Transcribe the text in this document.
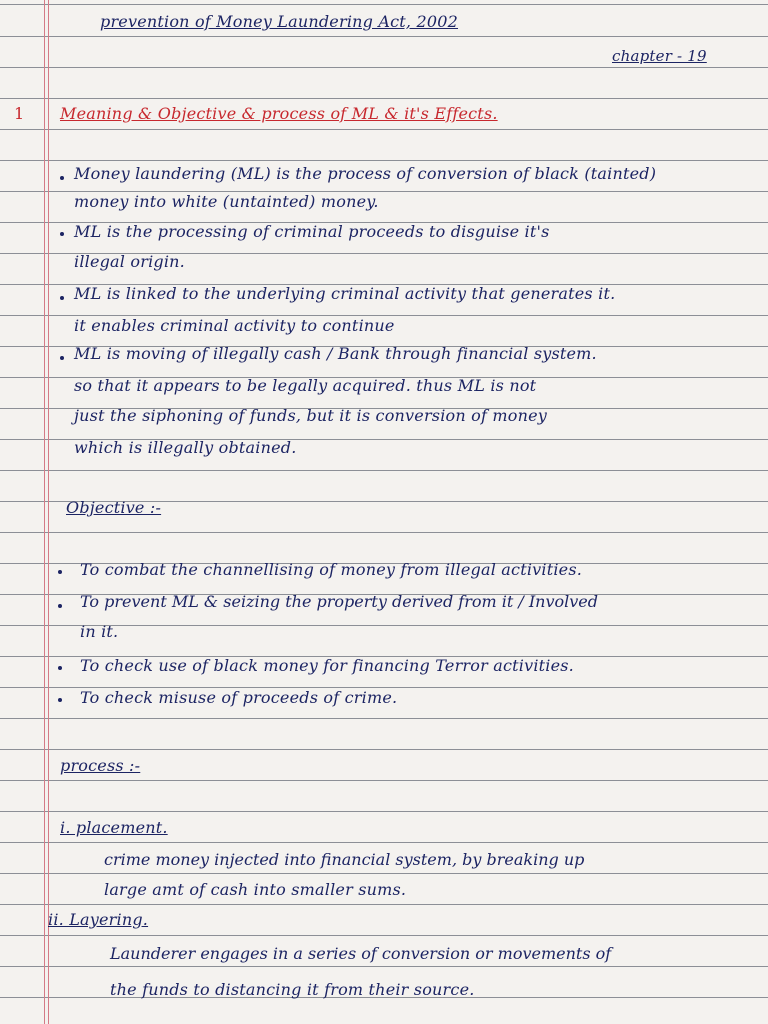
prevention of Money Laundering Act, 2002
chapter - 19
1 Meaning & Objective & process of ML & it's Effects.
Money laundering (ML) is the process of conversion of black (tainted)
money into white (untainted) money.
ML is the processing of criminal proceeds to disguise it's
illegal origin.
ML is linked to the underlying criminal activity that generates it.
it enables criminal activity to continue
ML is moving of illegally cash / Bank through financial system.
so that it appears to be legally acquired. thus ML is not
just the siphoning of funds, but it is conversion of money
which is illegally obtained.
Objective :-
To combat the channellising of money from illegal activities.
To prevent ML & seizing the property derived from it / Involved
in it.
To check use of black money for financing Terror activities.
To check misuse of proceeds of crime.
process :-
i. placement.
crime money injected into financial system, by breaking up
large amt of cash into smaller sums.
ii. Layering.
Launderer engages in a series of conversion or movements of
the funds to distancing it from their source.
